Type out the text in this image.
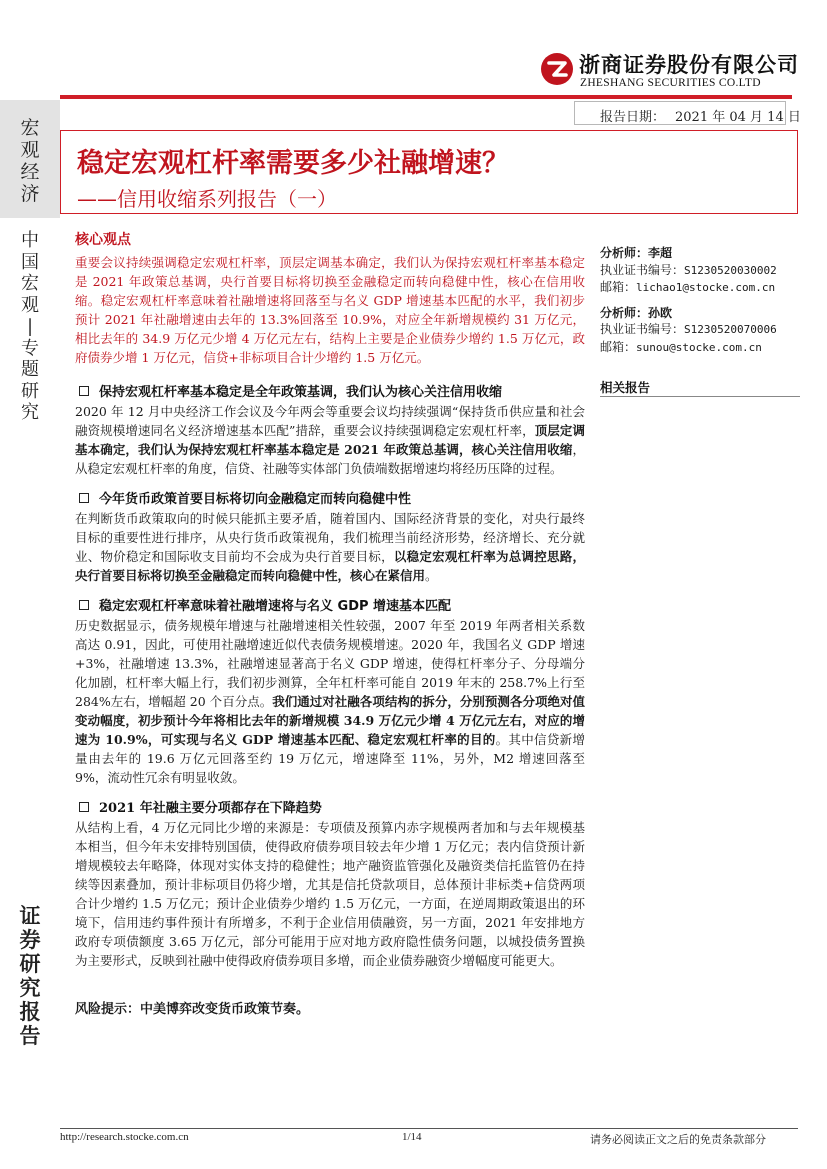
浙商证券股份有限公司
ZHESHANG SECURITIES CO.LTD
宏
观
经
济
中
国
宏
观
|
专
题
研
究
证
券
研
究
报
告
报告日期： 2021 年 04 月 14 日
稳定宏观杠杆率需要多少社融增速？
——信用收缩系列报告（一）
核心观点

重要会议持续强调稳定宏观杠杆率，顶层定调基本确定，我们认为保持宏观杠杆率基本稳定是 2021 年政策总基调，央行首要目标将切换至金融稳定而转向稳健中性，核心在信用收缩。稳定宏观杠杆率意味着社融增速将回落至与名义 GDP 增速基本匹配的水平，我们初步预计 2021 年社融增速由去年的 13.3%回落至 10.9%，对应全年新增规模约 31 万亿元，相比去年的 34.9 万亿元少增 4 万亿元左右，结构上主要是企业债券少增约 1.5 万亿元，政府债券少增 1 万亿元，信贷+非标项目合计少增约 1.5 万亿元。

保持宏观杠杆率基本稳定是全年政策基调，我们认为核心关注信用收缩

2020 年 12 月中央经济工作会议及今年两会等重要会议均持续强调“保持货币供应量和社会融资规模增速同名义经济增速基本匹配”措辞，重要会议持续强调稳定宏观杠杆率，顶层定调基本确定，我们认为保持宏观杠杆率基本稳定是 2021 年政策总基调，核心关注信用收缩，从稳定宏观杠杆率的角度，信贷、社融等实体部门负债端数据增速均将经历压降的过程。

今年货币政策首要目标将切向金融稳定而转向稳健中性

在判断货币政策取向的时候只能抓主要矛盾，随着国内、国际经济背景的变化，对央行最终目标的重要性进行排序，从央行货币政策视角，我们梳理当前经济形势，经济增长、充分就业、物价稳定和国际收支目前均不会成为央行首要目标，以稳定宏观杠杆率为总调控思路，央行首要目标将切换至金融稳定而转向稳健中性，核心在紧信用。

稳定宏观杠杆率意味着社融增速将与名义 GDP 增速基本匹配

历史数据显示，债务规模年增速与社融增速相关性较强，2007 年至 2019 年两者相关系数高达 0.91，因此，可使用社融增速近似代表债务规模增速。2020 年，我国名义 GDP 增速+3%，社融增速 13.3%，社融增速显著高于名义 GDP 增速，使得杠杆率分子、分母端分化加剧，杠杆率大幅上行，我们初步测算，全年杠杆率可能自 2019 年末的 258.7%上行至 284%左右，增幅超 20 个百分点。我们通过对社融各项结构的拆分，分别预测各分项绝对值变动幅度，初步预计今年将相比去年的新增规模 34.9 万亿元少增 4 万亿元左右，对应的增速为 10.9%，可实现与名义 GDP 增速基本匹配、稳定宏观杠杆率的目的。其中信贷新增量由去年的 19.6 万亿元回落至约 19 万亿元，增速降至 11%，另外，M2 增速回落至 9%，流动性冗余有明显收敛。

2021 年社融主要分项都存在下降趋势

从结构上看，4 万亿元同比少增的来源是：专项债及预算内赤字规模两者加和与去年规模基本相当，但今年未安排特别国债，使得政府债券项目较去年少增 1 万亿元；表内信贷预计新增规模较去年略降，体现对实体支持的稳健性；地产融资监管强化及融资类信托监管仍在持续等因素叠加，预计非标项目仍将少增，尤其是信托贷款项目，总体预计非标类+信贷两项合计少增约 1.5 万亿元；预计企业债券少增约 1.5 万亿元，一方面，在逆周期政策退出的环境下，信用违约事件预计有所增多，不利于企业信用债融资，另一方面，2021 年安排地方政府专项债额度 3.65 万亿元，部分可能用于应对地方政府隐性债务问题，以城投债务置换为主要形式，反映到社融中使得政府债券项目多增，而企业债券融资少增幅度可能更大。

风险提示：中美博弈改变货币政策节奏。
分析师：李超
执业证书编号：S1230520030002
邮箱：lichao1@stocke.com.cn
分析师：孙欧
执业证书编号：S1230520070006
邮箱：sunou@stocke.com.cn
相关报告
http://research.stocke.com.cn	1/14	请务必阅读正文之后的免责条款部分
